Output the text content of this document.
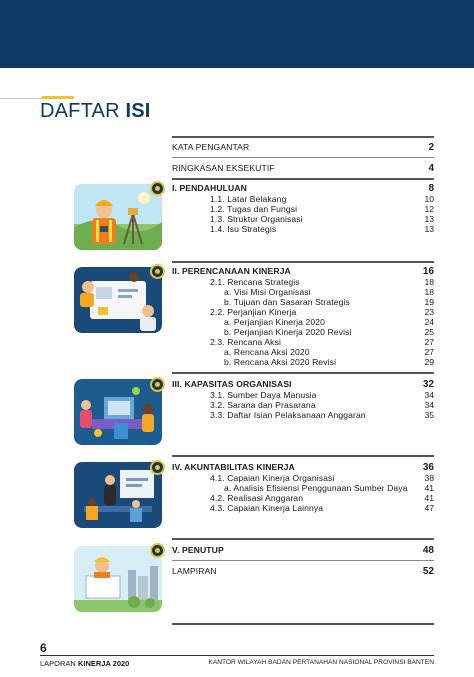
DAFTAR ISI
KATA PENGANTAR	2
RINGKASAN EKSEKUTIF	4
I. PENDAHULUAN	8
1.1. Latar Belakang	10
1.2. Tugas dan Fungsi	12
1.3. Struktur Organisasi	13
1.4. Isu Strategis	13
II. PERENCANAAN KINERJA	16
2.1. Rencana Strategis	18
a. Visi Misi Organisasi	18
b. Tujuan dan Sasaran Strategis	19
2.2. Perjanjian Kinerja	23
a. Perjanjian Kinerja 2020	24
b. Perjanjian Kinerja 2020 Revisi	25
2.3. Rencana Aksi	27
a. Rencana Aksi 2020	27
b. Rencana Aksi 2020 Revisi	29
III. KAPASITAS ORGANISASI	32
3.1. Sumber Daya Manusia	34
3.2. Sarana dan Prasarana	34
3.3. Daftar Isian Pelaksanaan Anggaran	35
IV. AKUNTABILITAS KINERJA	36
4.1. Capaian Kinerja Organisasi	38
a. Analisis Efisiensi Penggunaan Sumber Daya	41
4.2. Realisasi Anggaran	41
4.3. Capaian Kinerja Lainnya	47
V. PENUTUP	48
LAMPIRAN	52
6
LAPORAN KINERJA 2020	KANTOR WILAYAH BADAN PERTANAHAN NASIONAL PROVINSI BANTEN
